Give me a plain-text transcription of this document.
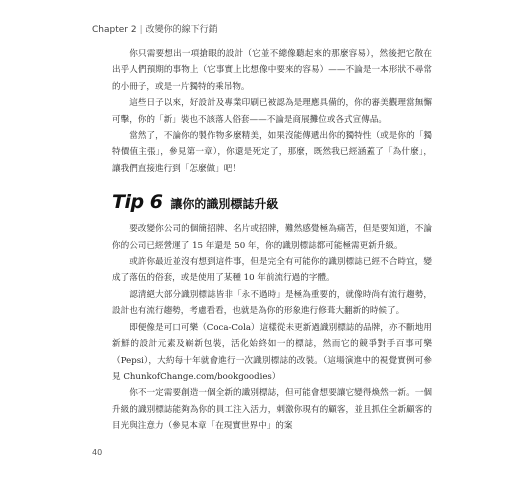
Chapter 2 | 改變你的線下行銷

你只需要想出一項搶眼的設計（它並不總像聽起來的那麼容易），然後把它散在出乎人們預期的事物上（它事實上比想像中要來的容易）——不論是一本形狀不尋常的小冊子，或是一片獨特的乘吊物。

這些日子以來，好設計及專業印刷已被認為是理應具備的，你的審美觀理當無懈可擊，你的「新」裝也不該落人俗套——不論是商展攤位或各式宣傳品。

當然了，不論你的製作物多麼精美，如果沒能傳遞出你的獨特性（或是你的「獨特價值主張」，參見第一章），你還是死定了，那麼，既然我已經涵蓋了「為什麼」，讓我們直接進行到「怎麼做」吧！

Tip 6 讓你的識別標誌升級

要改變你公司的個簡招牌、名片或招牌，難然感覺極為痛苦，但是要知道，不論你的公司已經營運了 15 年還是 50 年，你的識別標誌都可能極需更新升級。

或許你最近並沒有想到這件事，但是完全有可能你的識別標誌已經不合時宜，變成了落伍的俗套，或是使用了某種 10 年前流行過的字體。

認清絕大部分識別標誌皆非「永不過時」是極為重要的，就像時尚有流行趨勢，設計也有流行趨勢，考慮看看，也就是為你的形象進行修葺大翻新的時候了。

即便像是可口可樂（Coca-Cola）這樣從未更新過識別標誌的品牌，亦不斷地用新鮮的設計元素及嶄新包裝，活化始終如一的標誌，然而它的競爭對手百事可樂（Pepsi），大約每十年就會進行一次識別標誌的改裝。（這場演進中的視覺實例可參見 ChunkofChange.com/bookgoodies）

你不一定需要創造一個全新的識別標誌，但可能會想要讓它變得煥然一新。一個升級的識別標誌能夠為你的員工注入活力，刺激你現有的顧客，並且抓住全新顧客的目光與注意力（參見本章「在現實世界中」的案

40
